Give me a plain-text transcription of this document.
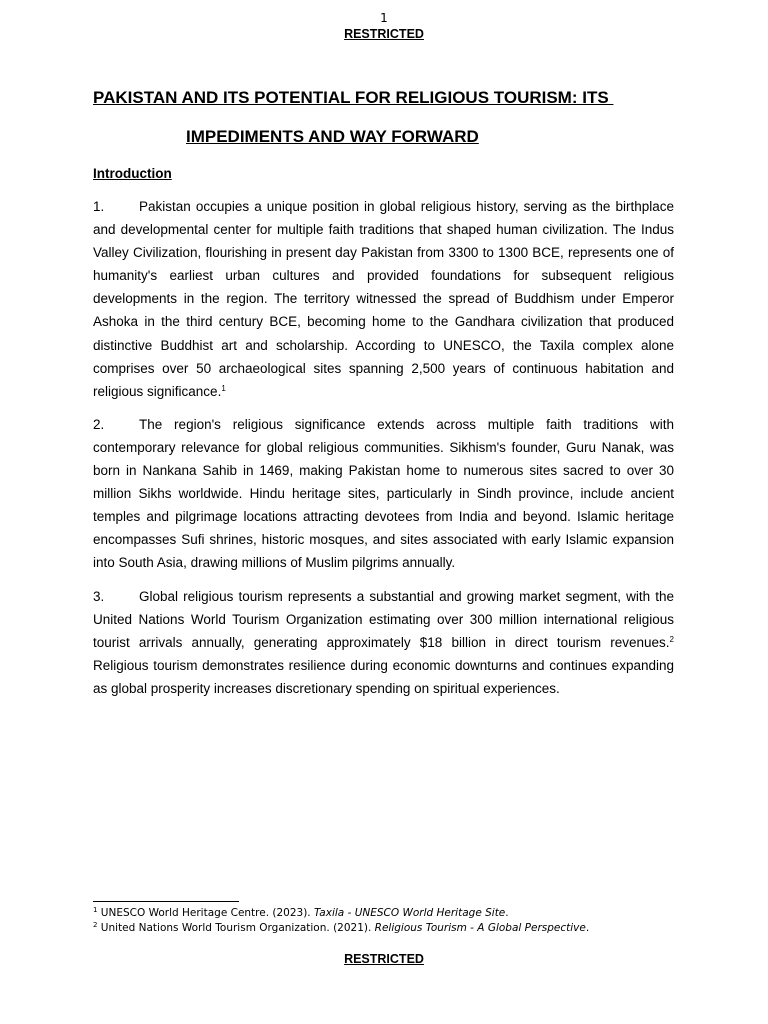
1
RESTRICTED
PAKISTAN AND ITS POTENTIAL FOR RELIGIOUS TOURISM: ITS
IMPEDIMENTS AND WAY FORWARD
Introduction

1.	Pakistan occupies a unique position in global religious history, serving as the birthplace and developmental center for multiple faith traditions that shaped human civilization. The Indus Valley Civilization, flourishing in present day Pakistan from 3300 to 1300 BCE, represents one of humanity's earliest urban cultures and provided foundations for subsequent religious developments in the region. The territory witnessed the spread of Buddhism under Emperor Ashoka in the third century BCE, becoming home to the Gandhara civilization that produced distinctive Buddhist art and scholarship. According to UNESCO, the Taxila complex alone comprises over 50 archaeological sites spanning 2,500 years of continuous habitation and religious significance.$^1$

2.	The region's religious significance extends across multiple faith traditions with contemporary relevance for global religious communities. Sikhism's founder, Guru Nanak, was born in Nankana Sahib in 1469, making Pakistan home to numerous sites sacred to over 30 million Sikhs worldwide. Hindu heritage sites, particularly in Sindh province, include ancient temples and pilgrimage locations attracting devotees from India and beyond. Islamic heritage encompasses Sufi shrines, historic mosques, and sites associated with early Islamic expansion into South Asia, drawing millions of Muslim pilgrims annually.

3.	Global religious tourism represents a substantial and growing market segment, with the United Nations World Tourism Organization estimating over 300 million international religious tourist arrivals annually, generating approximately $18 billion in direct tourism revenues.$^2$ Religious tourism demonstrates resilience during economic downturns and continues expanding as global prosperity increases discretionary spending on spiritual experiences.

$^1$ UNESCO World Heritage Centre. (2023). Taxila - UNESCO World Heritage Site.
$^2$ United Nations World Tourism Organization. (2021). Religious Tourism - A Global Perspective.
RESTRICTED
